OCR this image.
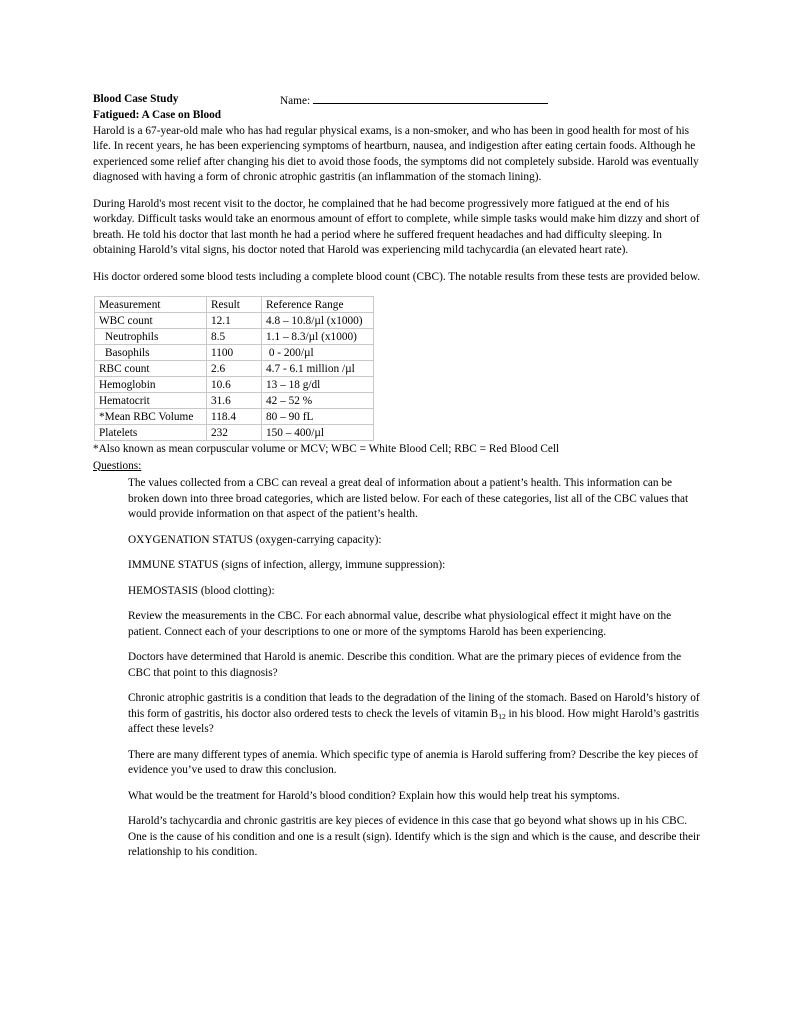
Blood Case Study	Name:
Fatigued: A Case on Blood

Harold is a 67-year-old male who has had regular physical exams, is a non-smoker, and who has been in good health for most of his life. In recent years, he has been experiencing symptoms of heartburn, nausea, and indigestion after eating certain foods. Although he experienced some relief after changing his diet to avoid those foods, the symptoms did not completely subside. Harold was eventually diagnosed with having a form of chronic atrophic gastritis (an inflammation of the stomach lining).

During Harold's most recent visit to the doctor, he complained that he had become progressively more fatigued at the end of his workday. Difficult tasks would take an enormous amount of effort to complete, while simple tasks would make him dizzy and short of breath. He told his doctor that last month he had a period where he suffered frequent headaches and had difficulty sleeping. In obtaining Harold’s vital signs, his doctor noted that Harold was experiencing mild tachycardia (an elevated heart rate).

His doctor ordered some blood tests including a complete blood count (CBC). The notable results from these tests are provided below.

Measurement	Result	Reference Range
WBC count	12.1	4.8 – 10.8/µl (x1000)
Neutrophils	8.5	1.1 – 8.3/µl (x1000)
Basophils	1100	0 - 200/µl
RBC count	2.6	4.7 - 6.1 million /µl
Hemoglobin	10.6	13 – 18 g/dl
Hematocrit	31.6	42 – 52 %
*Mean RBC Volume	118.4	80 – 90 fL
Platelets	232	150 – 400/µl
*Also known as mean corpuscular volume or MCV; WBC = White Blood Cell; RBC = Red Blood Cell
Questions:

The values collected from a CBC can reveal a great deal of information about a patient’s health. This information can be broken down into three broad categories, which are listed below. For each of these categories, list all of the CBC values that would provide information on that aspect of the patient’s health.

OXYGENATION STATUS (oxygen-carrying capacity):

IMMUNE STATUS (signs of infection, allergy, immune suppression):

HEMOSTASIS (blood clotting):

Review the measurements in the CBC. For each abnormal value, describe what physiological effect it might have on the patient. Connect each of your descriptions to one or more of the symptoms Harold has been experiencing.

Doctors have determined that Harold is anemic. Describe this condition. What are the primary pieces of evidence from the CBC that point to this diagnosis?

Chronic atrophic gastritis is a condition that leads to the degradation of the lining of the stomach. Based on Harold’s history of this form of gastritis, his doctor also ordered tests to check the levels of vitamin $B_{12}$ in his blood. How might Harold’s gastritis affect these levels?

There are many different types of anemia. Which specific type of anemia is Harold suffering from? Describe the key pieces of evidence you’ve used to draw this conclusion.

What would be the treatment for Harold’s blood condition? Explain how this would help treat his symptoms.

Harold’s tachycardia and chronic gastritis are key pieces of evidence in this case that go beyond what shows up in his CBC. One is the cause of his condition and one is a result (sign). Identify which is the sign and which is the cause, and describe their relationship to his condition.
